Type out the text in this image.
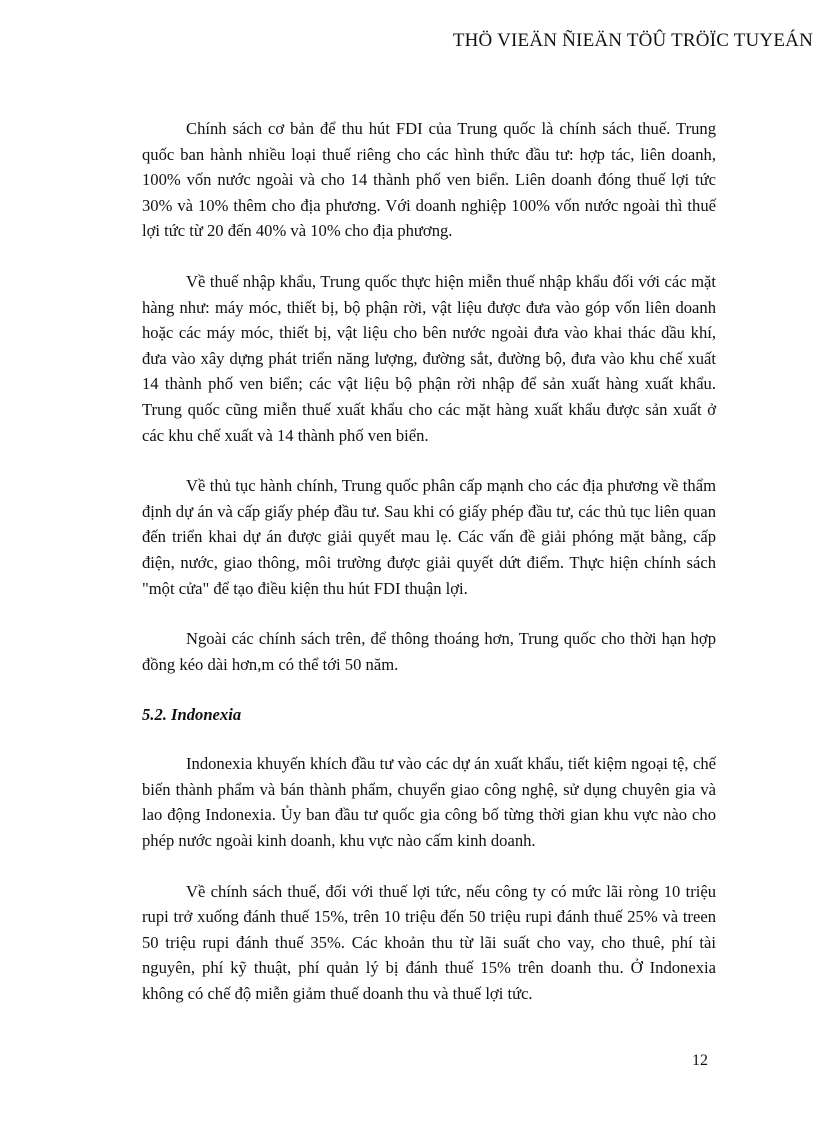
THÖ VIEÄN ÑIEÄN TÖÛ TRÖÏC TUYEÁN

Chính sách cơ bản để thu hút FDI của Trung quốc là chính sách thuế. Trung quốc ban hành nhiều loại thuế riêng cho các hình thức đầu tư: hợp tác, liên doanh, 100% vốn nước ngoài và cho 14 thành phố ven biển. Liên doanh đóng thuế lợi tức 30% và 10% thêm cho địa phương. Với doanh nghiệp 100% vốn nước ngoài thì thuế lợi tức từ 20 đến 40% và 10% cho địa phương.

Về thuế nhập khẩu, Trung quốc thực hiện miễn thuế nhập khẩu đối với các mặt hàng như: máy móc, thiết bị, bộ phận rời, vật liệu được đưa vào góp vốn liên doanh hoặc các máy móc, thiết bị, vật liệu cho bên nước ngoài đưa vào khai thác dầu khí, đưa vào xây dựng phát triển năng lượng, đường sắt, đường bộ, đưa vào khu chế xuất 14 thành phố ven biển; các vật liệu bộ phận rời nhập để sản xuất hàng xuất khẩu. Trung quốc cũng miễn thuế xuất khẩu cho các mặt hàng xuất khẩu được sản xuất ở các khu chế xuất và 14 thành phố ven biển.

Về thủ tục hành chính, Trung quốc phân cấp mạnh cho các địa phương về thẩm định dự án và cấp giấy phép đầu tư. Sau khi có giấy phép đầu tư, các thủ tục liên quan đến triển khai dự án được giải quyết mau lẹ. Các vấn đề giải phóng mặt bằng, cấp điện, nước, giao thông, môi trường được giải quyết dứt điểm. Thực hiện chính sách "một cửa" để tạo điều kiện thu hút FDI thuận lợi.

Ngoài các chính sách trên, để thông thoáng hơn, Trung quốc cho thời hạn hợp đồng kéo dài hơn,m có thể tới 50 năm.

5.2. Indonexia

Indonexia khuyến khích đầu tư vào các dự án xuất khẩu, tiết kiệm ngoại tệ, chế biến thành phẩm và bán thành phẩm, chuyển giao công nghệ, sử dụng chuyên gia và lao động Indonexia. Ủy ban đầu tư quốc gia công bố từng thời gian khu vực nào cho phép nước ngoài kinh doanh, khu vực nào cấm kinh doanh.

Về chính sách thuế, đối với thuế lợi tức, nếu công ty có mức lãi ròng 10 triệu rupi trở xuống đánh thuế 15%, trên 10 triệu đến 50 triệu rupi đánh thuế 25% và treen 50 triệu rupi đánh thuế 35%. Các khoản thu từ lãi suất cho vay, cho thuê, phí tài nguyên, phí kỹ thuật, phí quản lý bị đánh thuế 15% trên doanh thu. Ở Indonexia không có chế độ miễn giảm thuế doanh thu và thuế lợi tức.

12
